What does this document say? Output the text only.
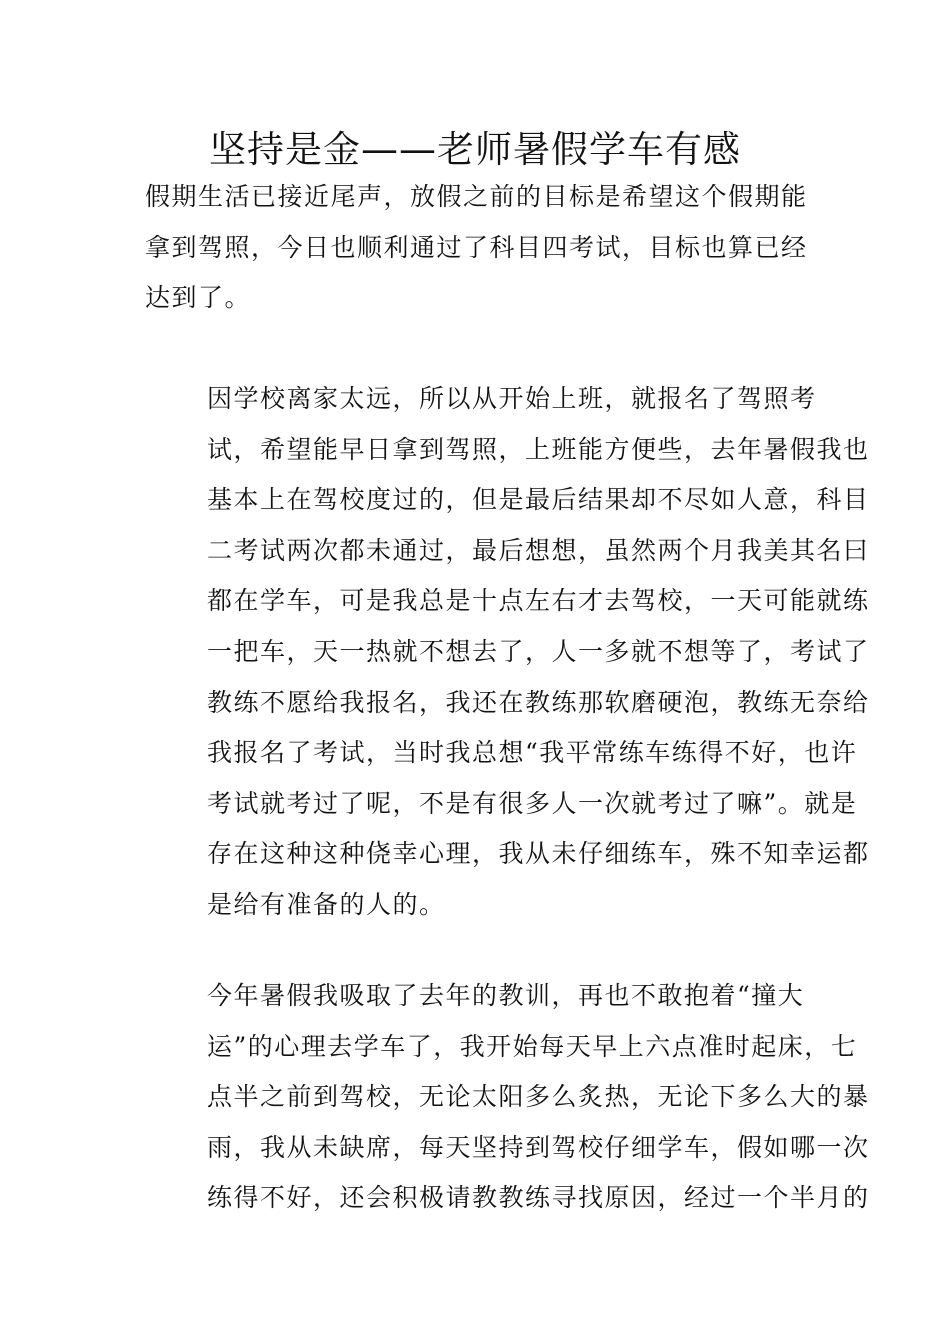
坚持是金——老师暑假学车有感
假期生活已接近尾声，放假之前的目标是希望这个假期能
拿到驾照，今日也顺利通过了科目四考试，目标也算已经
达到了。
因学校离家太远，所以从开始上班，就报名了驾照考
试，希望能早日拿到驾照，上班能方便些，去年暑假我也
基本上在驾校度过的，但是最后结果却不尽如人意，科目
二考试两次都未通过，最后想想，虽然两个月我美其名曰
都在学车，可是我总是十点左右才去驾校，一天可能就练
一把车，天一热就不想去了，人一多就不想等了，考试了
教练不愿给我报名，我还在教练那软磨硬泡，教练无奈给
我报名了考试，当时我总想“我平常练车练得不好，也许
考试就考过了呢，不是有很多人一次就考过了嘛”。就是
存在这种这种侥幸心理，我从未仔细练车，殊不知幸运都
是给有准备的人的。
今年暑假我吸取了去年的教训，再也不敢抱着“撞大
运”的心理去学车了，我开始每天早上六点准时起床，七
点半之前到驾校，无论太阳多么炙热，无论下多么大的暴
雨，我从未缺席，每天坚持到驾校仔细学车，假如哪一次
练得不好，还会积极请教教练寻找原因，经过一个半月的
